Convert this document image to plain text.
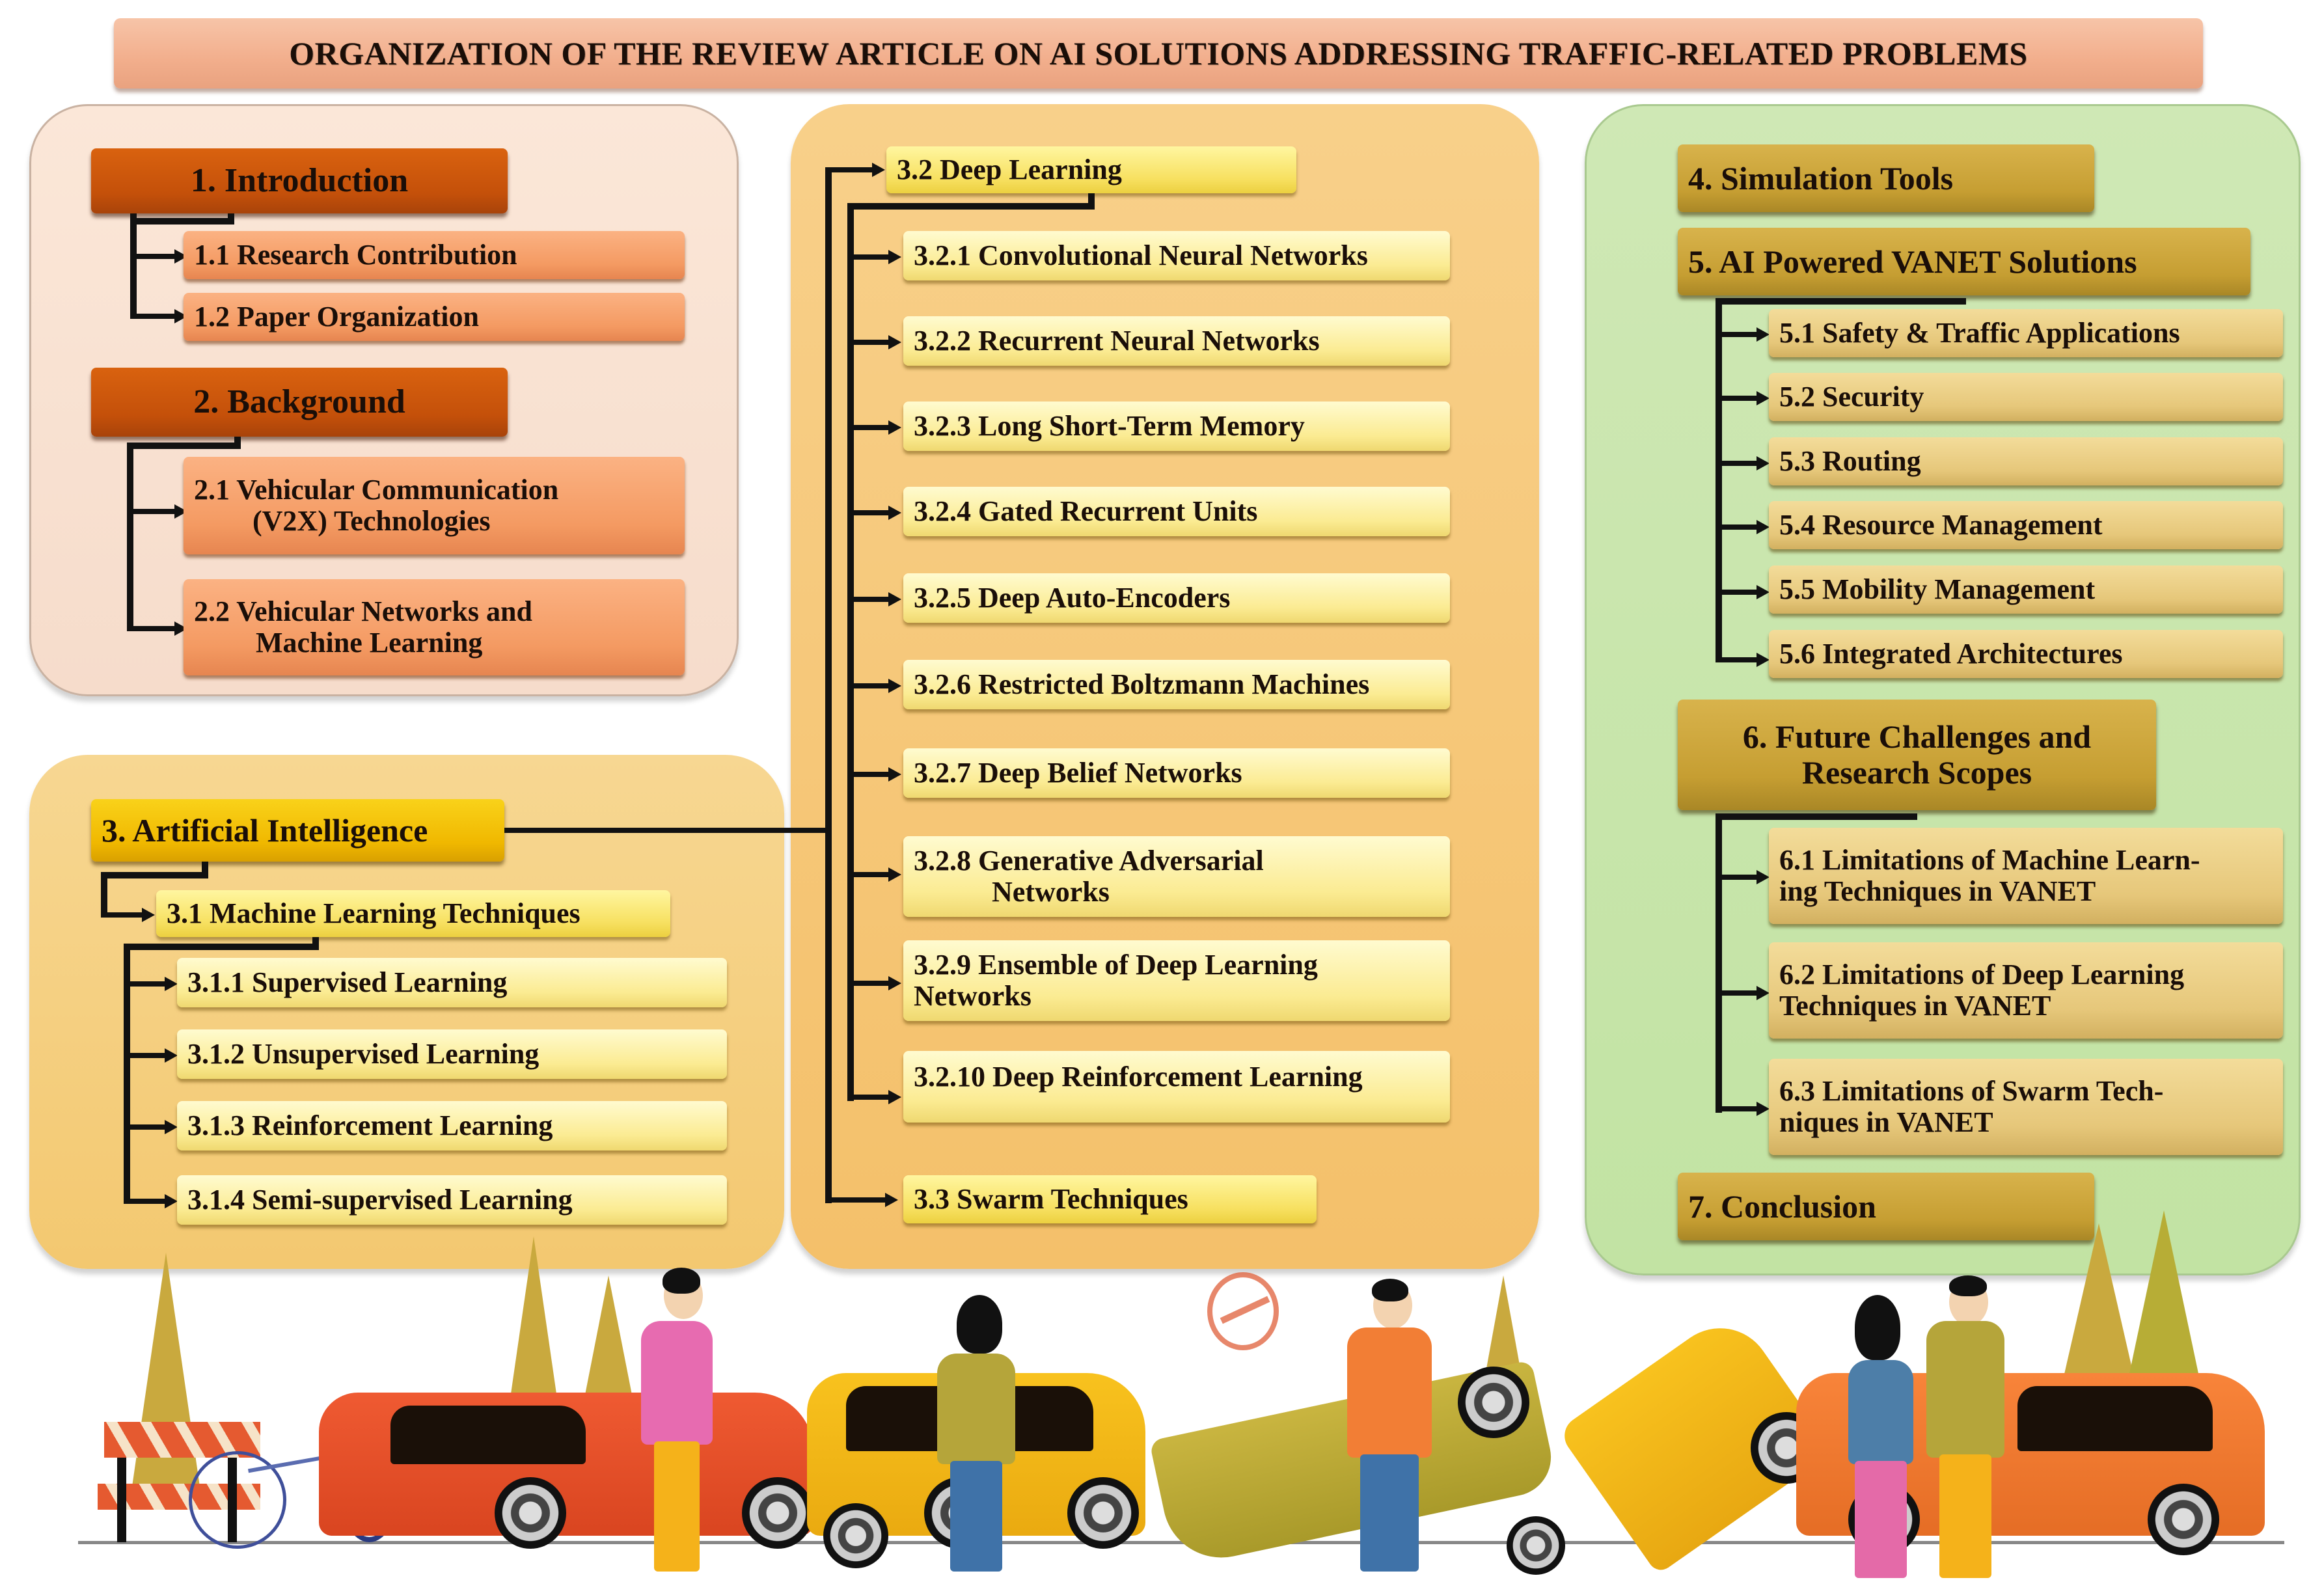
ORGANIZATION OF THE REVIEW ARTICLE ON AI SOLUTIONS ADDRESSING TRAFFIC-RELATED PROBLEMS
1. Introduction
1.1 Research Contribution
1.2 Paper Organization
2. Background
2.1 Vehicular Communication
(V2X) Technologies
2.2 Vehicular Networks and
Machine Learning
3. Artificial Intelligence
3.1 Machine Learning Techniques
3.1.1 Supervised Learning
3.1.2 Unsupervised Learning
3.1.3 Reinforcement Learning
3.1.4 Semi-supervised Learning
3.2 Deep Learning
3.2.1 Convolutional Neural Networks
3.2.2 Recurrent Neural Networks
3.2.3 Long Short-Term Memory
3.2.4 Gated Recurrent Units
3.2.5 Deep Auto-Encoders
3.2.6 Restricted Boltzmann Machines
3.2.7 Deep Belief Networks
3.2.8 Generative Adversarial
Networks
3.2.9 Ensemble of Deep Learning
Networks
3.2.10 Deep Reinforcement Learning
3.3 Swarm Techniques
4. Simulation Tools
5. AI Powered VANET Solutions
5.1 Safety & Traffic Applications
5.2 Security
5.3 Routing
5.4 Resource Management
5.5 Mobility Management
5.6 Integrated Architectures
6. Future Challenges and
Research Scopes
6.1 Limitations of Machine Learn-
ing Techniques in VANET
6.2 Limitations of Deep Learning
Techniques in VANET
6.3 Limitations of Swarm Tech-
niques in VANET
7. Conclusion
